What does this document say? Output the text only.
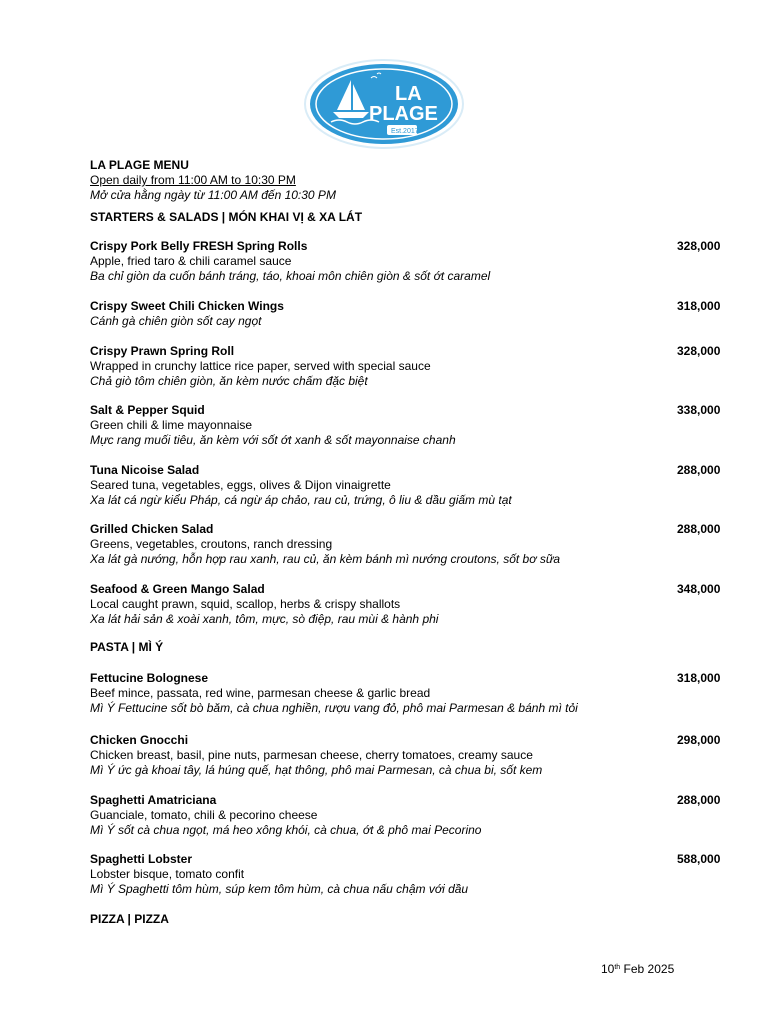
LA
PLAGE
Est.2017
LA PLAGE MENU
Open daily from 11:00 AM to 10:30 PM
Mở cửa hằng ngày từ 11:00 AM đến 10:30 PM
STARTERS & SALADS | MÓN KHAI VỊ & XA LÁT
PASTA | MÌ Ý
PIZZA | PIZZA
Crispy Pork Belly FRESH Spring Rolls
Apple, fried taro & chili caramel sauce
Ba chỉ giòn da cuốn bánh tráng, táo, khoai môn chiên giòn & sốt ớt caramel
328,000
Crispy Sweet Chili Chicken Wings
Cánh gà chiên giòn sốt cay ngọt
318,000
Crispy Prawn Spring Roll
Wrapped in crunchy lattice rice paper, served with special sauce
Chả giò tôm chiên giòn, ăn kèm nước chấm đặc biệt
328,000
Salt & Pepper Squid
Green chili & lime mayonnaise
Mực rang muối tiêu, ăn kèm với sốt ớt xanh & sốt mayonnaise chanh
338,000
Tuna Nicoise Salad
Seared tuna, vegetables, eggs, olives & Dijon vinaigrette
Xa lát cá ngừ kiểu Pháp, cá ngừ áp chảo, rau củ, trứng, ô liu & dầu giấm mù tạt
288,000
Grilled Chicken Salad
Greens, vegetables, croutons, ranch dressing
Xa lát gà nướng, hỗn hợp rau xanh, rau củ, ăn kèm bánh mì nướng croutons, sốt bơ sữa
288,000
Seafood & Green Mango Salad
Local caught prawn, squid, scallop, herbs & crispy shallots
Xa lát hải sản & xoài xanh, tôm, mực, sò điệp, rau mùi & hành phi
348,000
Fettucine Bolognese
Beef mince, passata, red wine, parmesan cheese & garlic bread
Mì Ý Fettucine sốt bò băm, cà chua nghiền, rượu vang đỏ, phô mai Parmesan & bánh mì tỏi
318,000
Chicken Gnocchi
Chicken breast, basil, pine nuts, parmesan cheese, cherry tomatoes, creamy sauce
Mì Ý ức gà khoai tây, lá húng quế, hạt thông, phô mai Parmesan, cà chua bi, sốt kem
298,000
Spaghetti Amatriciana
Guanciale, tomato, chili & pecorino cheese
Mì Ý sốt cà chua ngọt, má heo xông khói, cà chua, ớt & phô mai Pecorino
288,000
Spaghetti Lobster
Lobster bisque, tomato confit
Mì Ý Spaghetti tôm hùm, súp kem tôm hùm, cà chua nấu chậm với dầu
588,000
10th Feb 2025
